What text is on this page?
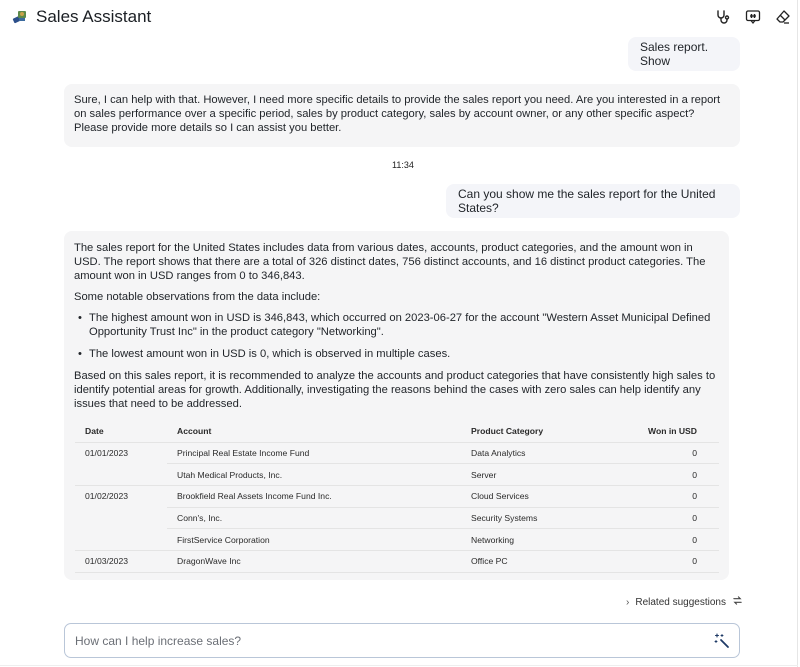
Sales Assistant
Sales report. Show

Sure, I can help with that. However, I need more specific details to provide the sales report you need. Are you interested in a report on sales performance over a specific period, sales by product category, sales by account owner, or any other specific aspect? Please provide more details so I can assist you better.

11:34
Can you show me the sales report for the United States?

The sales report for the United States includes data from various dates, accounts, product categories, and the amount won in USD. The report shows that there are a total of 326 distinct dates, 756 distinct accounts, and 16 distinct product categories. The amount won in USD ranges from 0 to 346,843.

Some notable observations from the data include:

• The highest amount won in USD is 346,843, which occurred on 2023-06-27 for the account "Western Asset Municipal Defined Opportunity Trust Inc" in the product category "Networking".
• The lowest amount won in USD is 0, which is observed in multiple cases.

Based on this sales report, it is recommended to analyze the accounts and product categories that have consistently high sales to identify potential areas for growth. Additionally, investigating the reasons behind the cases with zero sales can help identify any issues that need to be addressed.

Date	Account	Product Category	Won in USD
01/01/2023	Principal Real Estate Income Fund	Data Analytics	0
	Utah Medical Products, Inc.	Server	0
01/02/2023	Brookfield Real Assets Income Fund Inc.	Cloud Services	0
	Conn's, Inc.	Security Systems	0
	FirstService Corporation	Networking	0
01/03/2023	DragonWave Inc	Office PC	0
› Related suggestions
How can I help increase sales?
